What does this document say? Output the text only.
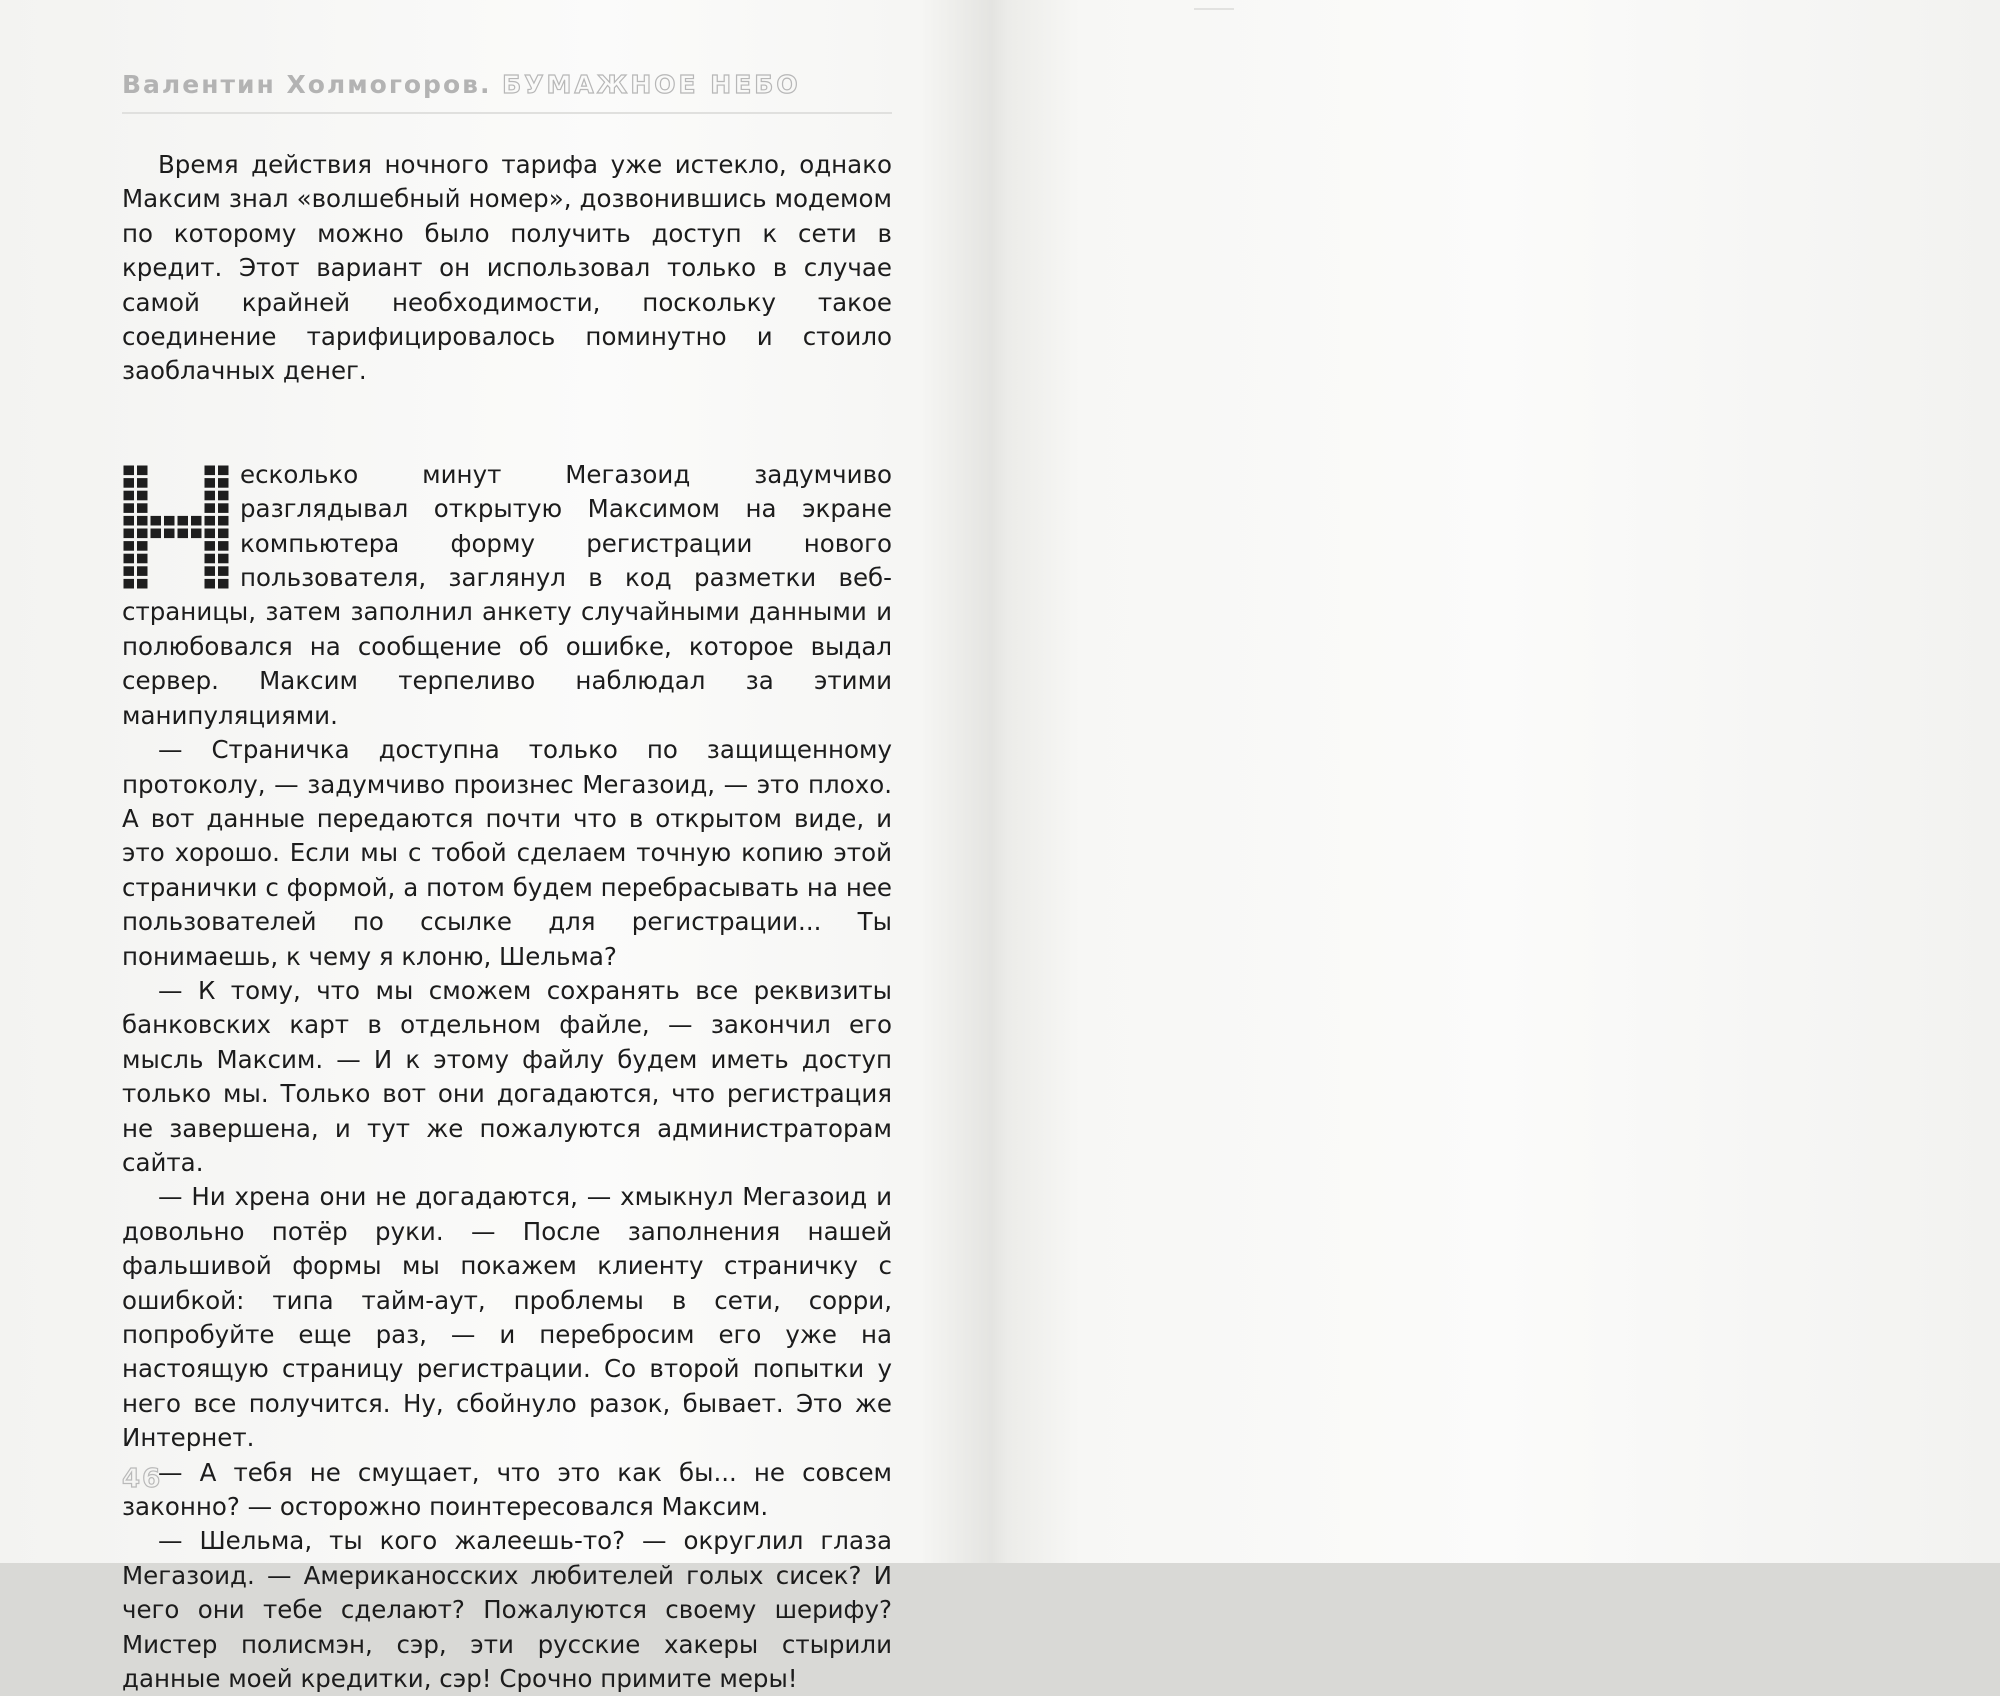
Валентин Холмогоров. БУМАЖНОЕ НЕБО

Время действия ночного тарифа уже истекло, однако Максим знал «волшебный номер», дозвонившись модемом по которому можно было получить доступ к сети в кредит. Этот вариант он использовал только в случае самой крайней необходимости, поскольку такое соединение тарифицировалось поминутно и стоило заоблачных денег.

есколько минут Мегазоид задумчиво разглядывал открытую Максимом на экране компьютера форму регистрации нового пользователя, заглянул в код разметки веб-страницы, затем заполнил анкету случайными данными и полюбовался на сообщение об ошибке, которое выдал сервер. Максим терпеливо наблюдал за этими манипуляциями.

— Страничка доступна только по защищенному протоколу, — задумчиво произнес Мегазоид, — это плохо. А вот данные передаются почти что в открытом виде, и это хорошо. Если мы с тобой сделаем точную копию этой странички с формой, а потом будем перебрасывать на нее пользователей по ссылке для регистрации... Ты понимаешь, к чему я клоню, Шельма?

— К тому, что мы сможем сохранять все реквизиты банковских карт в отдельном файле, — закончил его мысль Максим. — И к этому файлу будем иметь доступ только мы. Только вот они догадаются, что регистрация не завершена, и тут же пожалуются администраторам сайта.

— Ни хрена они не догадаются, — хмыкнул Мегазоид и довольно потёр руки. — После заполнения нашей фальшивой формы мы покажем клиенту страничку с ошибкой: типа тайм-аут, проблемы в сети, сорри, попробуйте еще раз, — и перебросим его уже на настоящую страницу регистрации. Со второй попытки у него все получится. Ну, сбойнуло разок, бывает. Это же Интернет.

— А тебя не смущает, что это как бы... не совсем законно? — осторожно поинтересовался Максим.

— Шельма, ты кого жалеешь-то? — округлил глаза Мегазоид. — Американосских любителей голых сисек? И чего они тебе сделают? Пожалуются своему шерифу? Мистер полисмэн, сэр, эти русские хакеры стырили данные моей кредитки, сэр! Срочно примите меры!

46
